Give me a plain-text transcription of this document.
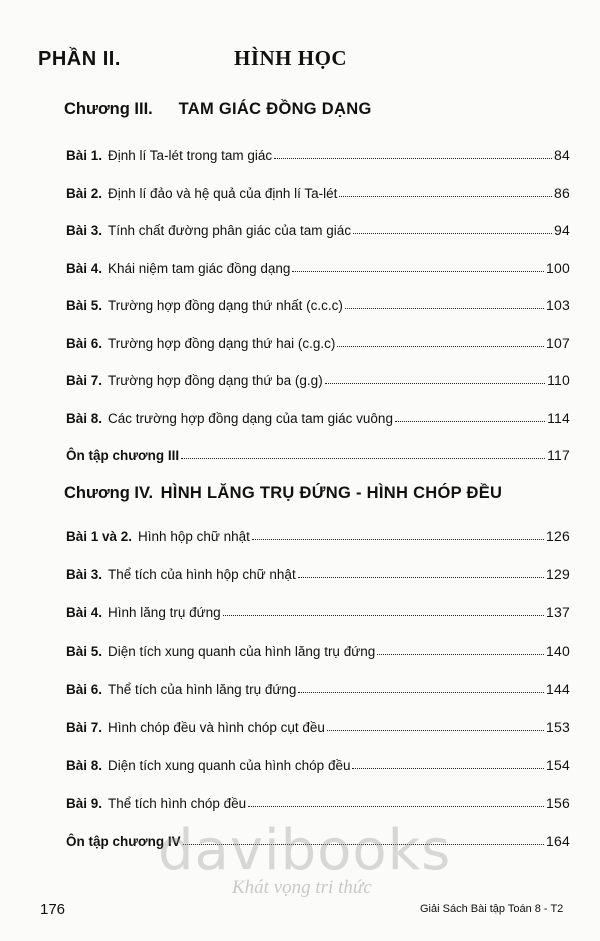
PHẦN II.	HÌNH HỌC
Chương III. TAM GIÁC ĐỒNG DẠNG
Bài 1. Định lí Ta-lét trong tam giác	84
Bài 2. Định lí đảo và hệ quả của định lí Ta-lét	86
Bài 3. Tính chất đường phân giác của tam giác	94
Bài 4. Khái niệm tam giác đồng dạng	100
Bài 5. Trường hợp đồng dạng thứ nhất (c.c.c)	103
Bài 6. Trường hợp đồng dạng thứ hai (c.g.c)	107
Bài 7. Trường hợp đồng dạng thứ ba (g.g)	110
Bài 8. Các trường hợp đồng dạng của tam giác vuông	114
Ôn tập chương III	117
Chương IV. HÌNH LĂNG TRỤ ĐỨNG - HÌNH CHÓP ĐỀU
Bài 1 và 2. Hình hộp chữ nhật	126
Bài 3. Thể tích của hình hộp chữ nhật	129
Bài 4. Hình lăng trụ đứng	137
Bài 5. Diện tích xung quanh của hình lăng trụ đứng	140
Bài 6. Thể tích của hình lăng trụ đứng	144
Bài 7. Hình chóp đều và hình chóp cụt đều	153
Bài 8. Diện tích xung quanh của hình chóp đều	154
Bài 9. Thể tích hình chóp đều	156
Ôn tập chương IV	164
davibooks
Khát vọng tri thức
176	Giải Sách Bài tập Toán 8 - T2
